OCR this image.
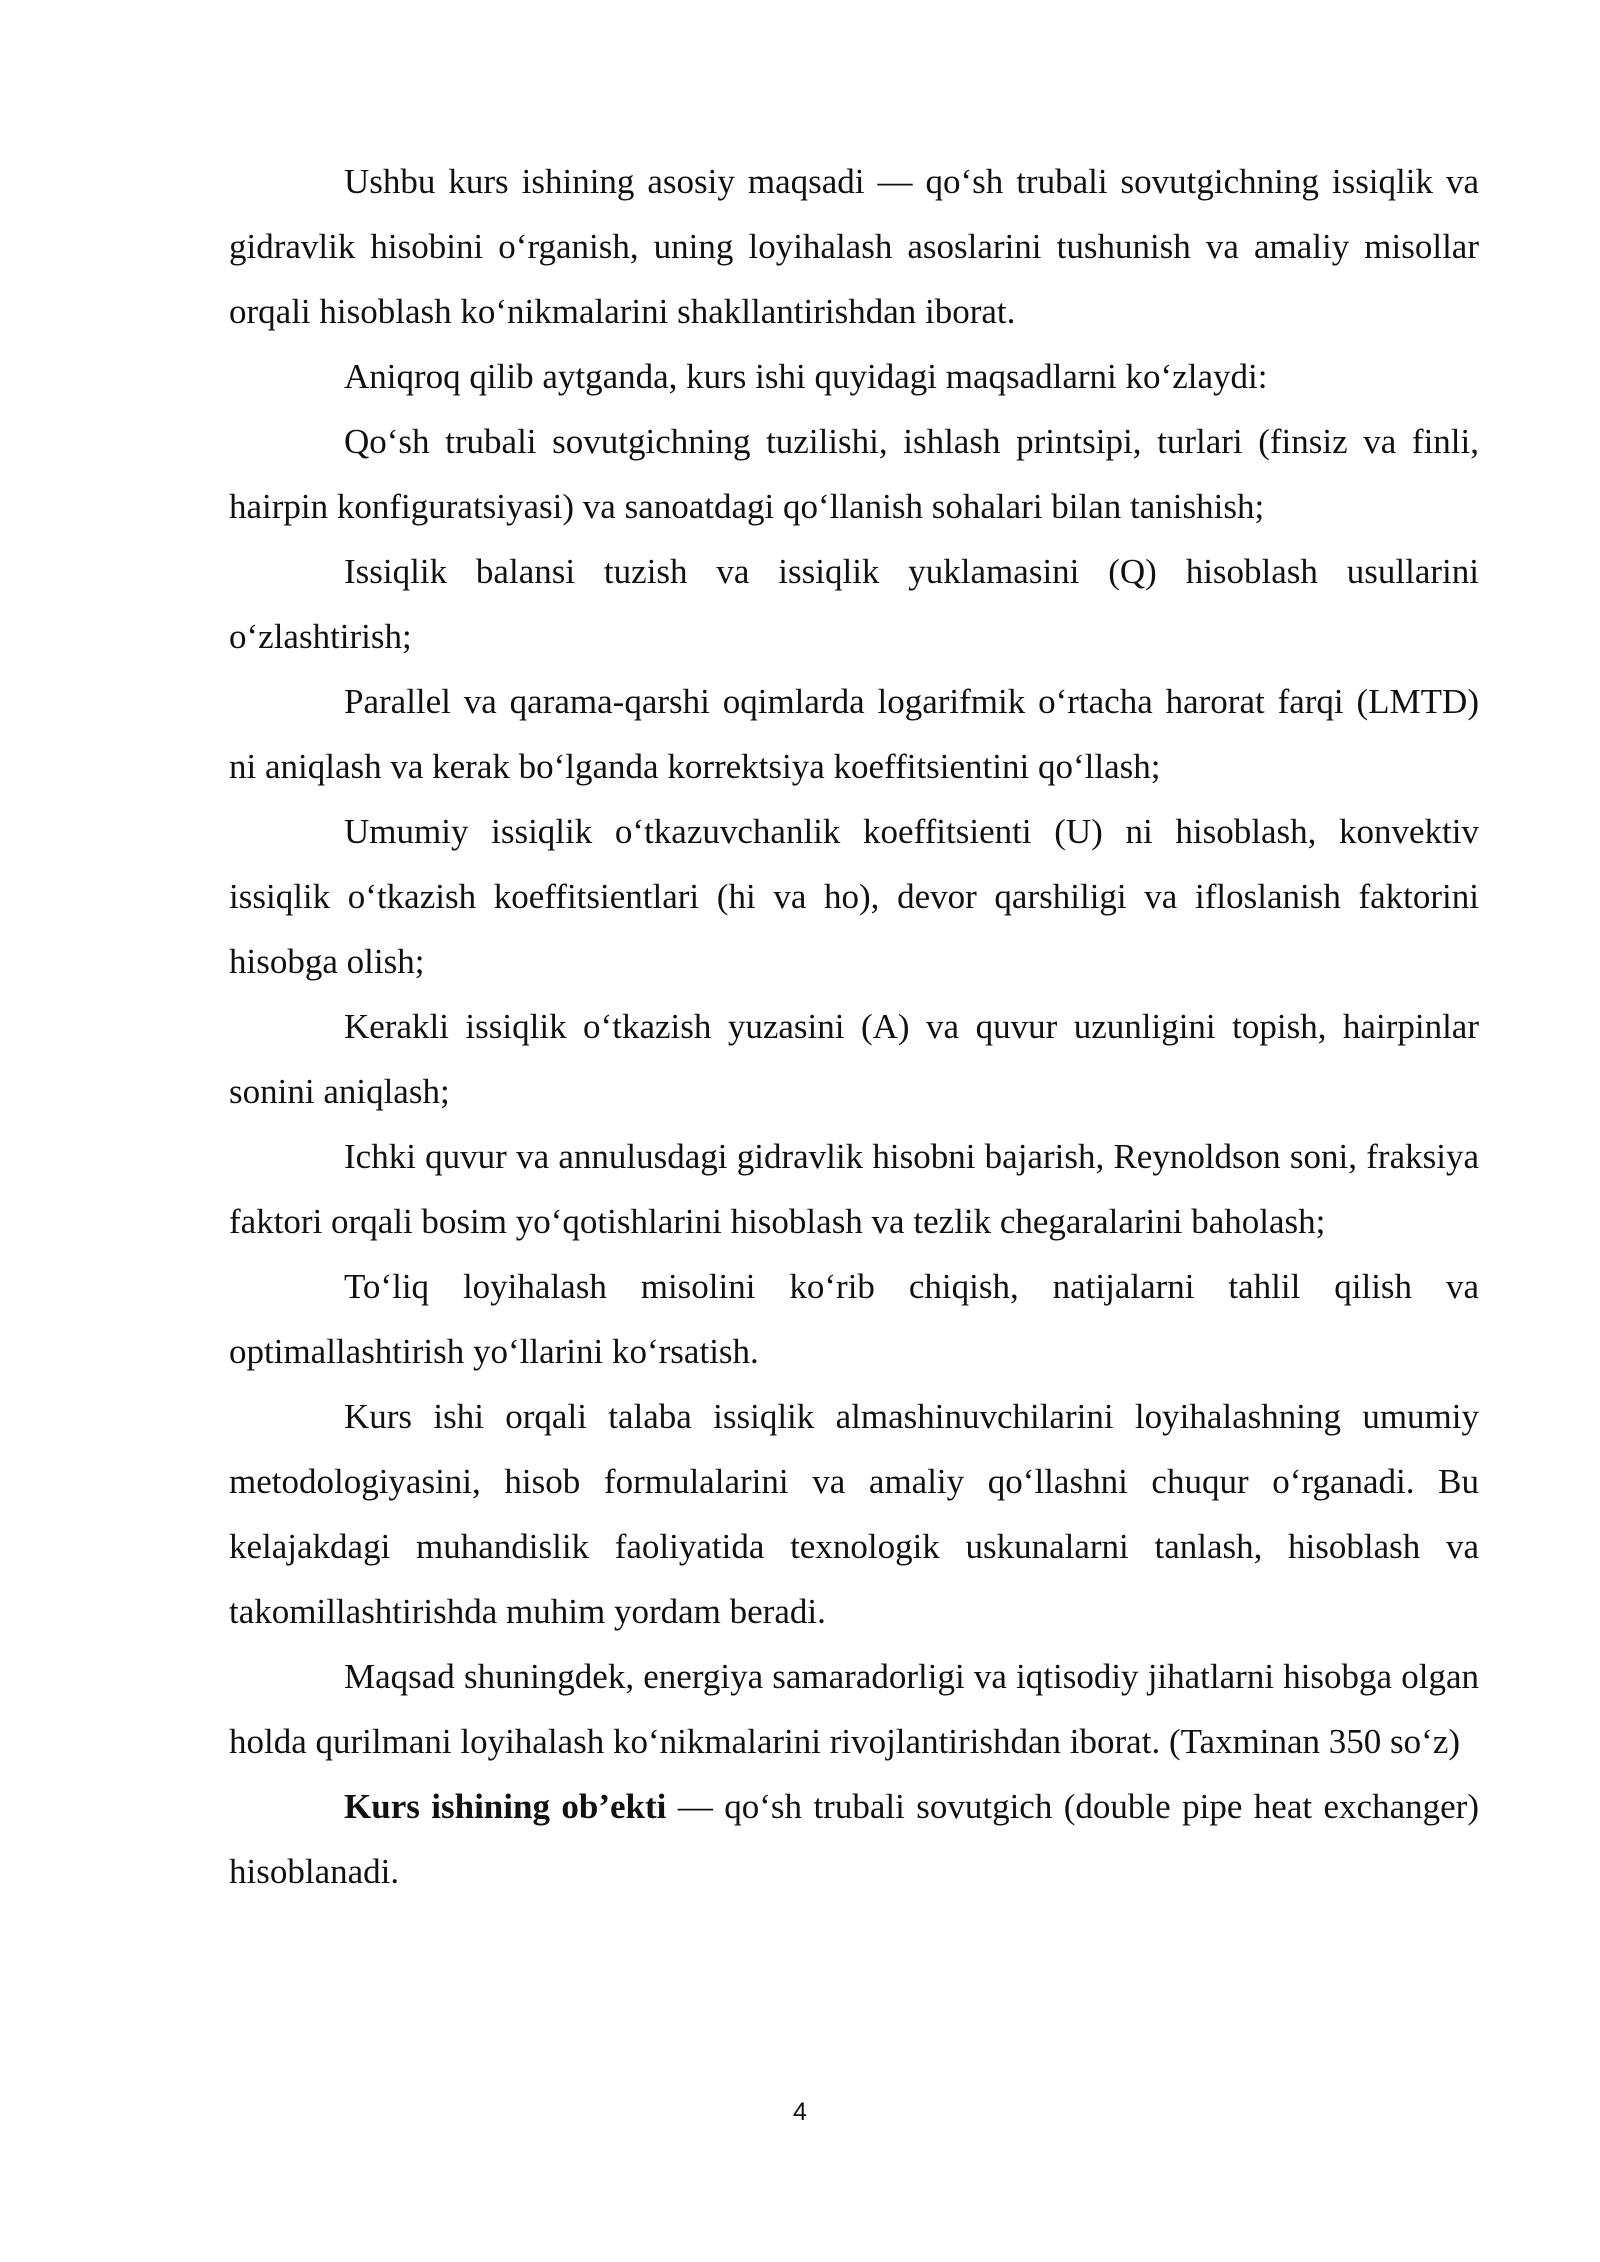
Ushbu kurs ishining asosiy maqsadi — qo‘sh trubali sovutgichning issiqlik va gidravlik hisobini o‘rganish, uning loyihalash asoslarini tushunish va amaliy misollar orqali hisoblash ko‘nikmalarini shakllantirishdan iborat.

Aniqroq qilib aytganda, kurs ishi quyidagi maqsadlarni ko‘zlaydi:

Qo‘sh trubali sovutgichning tuzilishi, ishlash printsipi, turlari (finsiz va finli, hairpin konfiguratsiyasi) va sanoatdagi qo‘llanish sohalari bilan tanishish;

Issiqlik balansi tuzish va issiqlik yuklamasini (Q) hisoblash usullarini o‘zlashtirish;

Parallel va qarama-qarshi oqimlarda logarifmik o‘rtacha harorat farqi (LMTD) ni aniqlash va kerak bo‘lganda korrektsiya koeffitsientini qo‘llash;

Umumiy issiqlik o‘tkazuvchanlik koeffitsienti (U) ni hisoblash, konvektiv issiqlik o‘tkazish koeffitsientlari (hi va ho), devor qarshiligi va ifloslanish faktorini hisobga olish;

Kerakli issiqlik o‘tkazish yuzasini (A) va quvur uzunligini topish, hairpinlar sonini aniqlash;

Ichki quvur va annulusdagi gidravlik hisobni bajarish, Reynoldson soni, fraksiya faktori orqali bosim yo‘qotishlarini hisoblash va tezlik chegaralarini baholash;

To‘liq loyihalash misolini ko‘rib chiqish, natijalarni tahlil qilish va optimallashtirish yo‘llarini ko‘rsatish.

Kurs ishi orqali talaba issiqlik almashinuvchilarini loyihalashning umumiy metodologiyasini, hisob formulalarini va amaliy qo‘llashni chuqur o‘rganadi. Bu kelajakdagi muhandislik faoliyatida texnologik uskunalarni tanlash, hisoblash va takomillashtirishda muhim yordam beradi.

Maqsad shuningdek, energiya samaradorligi va iqtisodiy jihatlarni hisobga olgan holda qurilmani loyihalash ko‘nikmalarini rivojlantirishdan iborat. (Taxminan 350 so‘z)

Kurs ishining ob’ekti — qo‘sh trubali sovutgich (double pipe heat exchanger) hisoblanadi.

4
